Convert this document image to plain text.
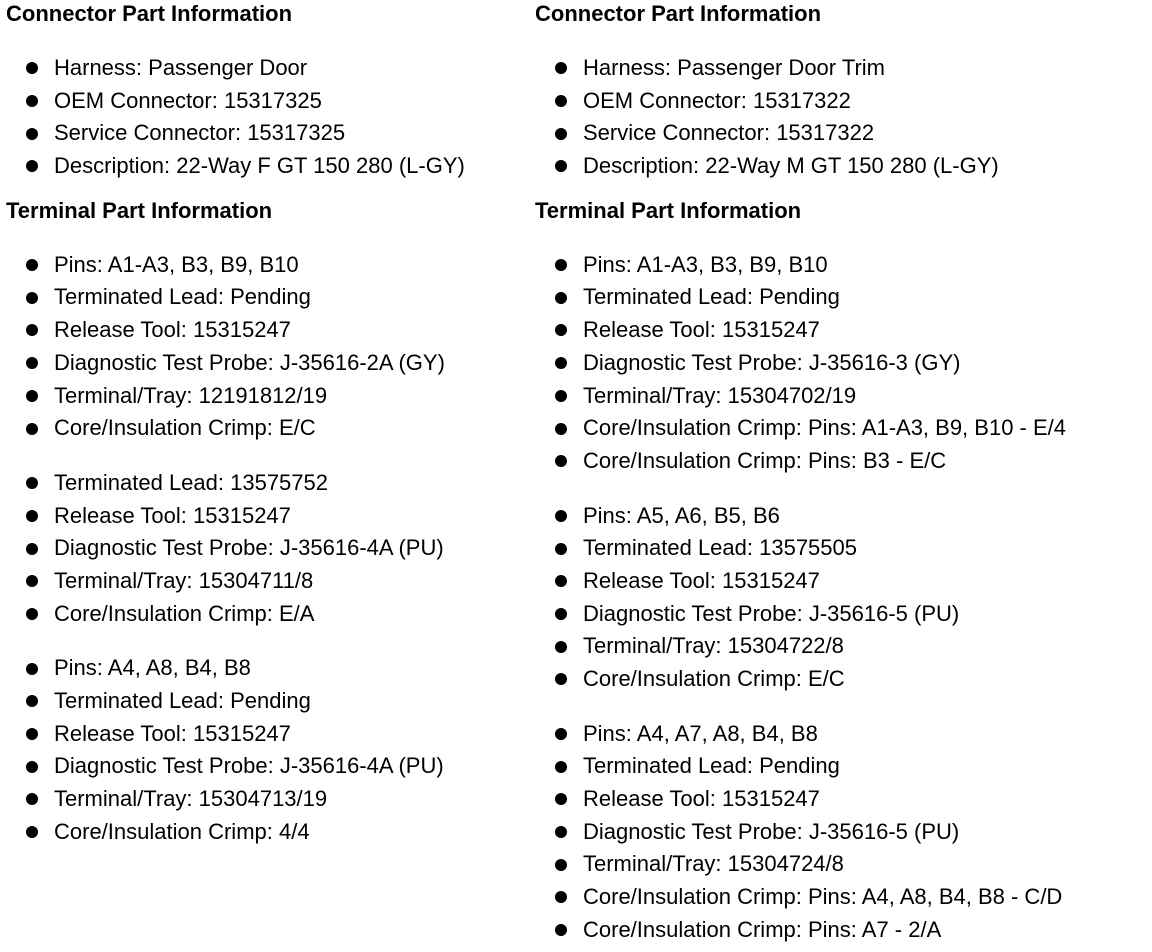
Connector Part Information
Harness: Passenger Door
OEM Connector: 15317325
Service Connector: 15317325
Description: 22-Way F GT 150 280 (L-GY)
Terminal Part Information
Pins: A1-A3, B3, B9, B10
Terminated Lead: Pending
Release Tool: 15315247
Diagnostic Test Probe: J-35616-2A (GY)
Terminal/Tray: 12191812/19
Core/Insulation Crimp: E/C
Terminated Lead: 13575752
Release Tool: 15315247
Diagnostic Test Probe: J-35616-4A (PU)
Terminal/Tray: 15304711/8
Core/Insulation Crimp: E/A
Pins: A4, A8, B4, B8
Terminated Lead: Pending
Release Tool: 15315247
Diagnostic Test Probe: J-35616-4A (PU)
Terminal/Tray: 15304713/19
Core/Insulation Crimp: 4/4
Connector Part Information
Harness: Passenger Door Trim
OEM Connector: 15317322
Service Connector: 15317322
Description: 22-Way M GT 150 280 (L-GY)
Terminal Part Information
Pins: A1-A3, B3, B9, B10
Terminated Lead: Pending
Release Tool: 15315247
Diagnostic Test Probe: J-35616-3 (GY)
Terminal/Tray: 15304702/19
Core/Insulation Crimp: Pins: A1-A3, B9, B10 - E/4
Core/Insulation Crimp: Pins: B3 - E/C
Pins: A5, A6, B5, B6
Terminated Lead: 13575505
Release Tool: 15315247
Diagnostic Test Probe: J-35616-5 (PU)
Terminal/Tray: 15304722/8
Core/Insulation Crimp: E/C
Pins: A4, A7, A8, B4, B8
Terminated Lead: Pending
Release Tool: 15315247
Diagnostic Test Probe: J-35616-5 (PU)
Terminal/Tray: 15304724/8
Core/Insulation Crimp: Pins: A4, A8, B4, B8 - C/D
Core/Insulation Crimp: Pins: A7 - 2/A
